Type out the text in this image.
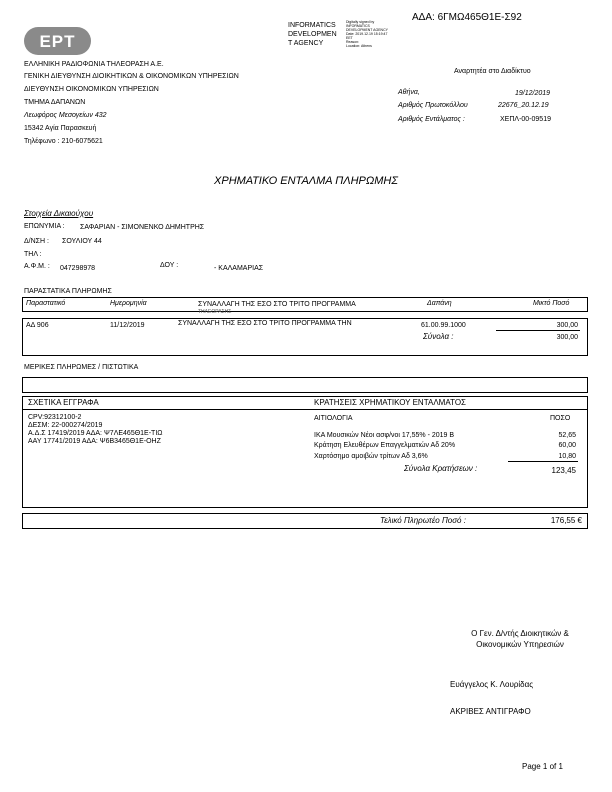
ΑΔΑ: 6ΓΜΩ465Θ1Ε-Σ92
ΕΡΤ
INFORMATICS
DEVELOPMEN
T AGENCY
Digitally signed by
INFORMATICS
DEVELOPMENT AGENCY
Date: 2019.12.19 15:19:47
EET
Reason:
Location: Athens
ΕΛΛΗΝΙΚΗ ΡΑΔΙΟΦΩΝΙΑ ΤΗΛΕΟΡΑΣΗ Α.Ε.
ΓΕΝΙΚΗ ΔΙΕΥΘΥΝΣΗ ΔΙΟΙΚΗΤΙΚΩΝ & ΟΙΚΟΝΟΜΙΚΩΝ ΥΠΗΡΕΣΙΩΝ
ΔΙΕΥΘΥΝΣΗ ΟΙΚΟΝΟΜΙΚΩΝ ΥΠΗΡΕΣΙΩΝ
ΤΜΗΜΑ ΔΑΠΑΝΩΝ
Λεωφόρος Μεσογείων 432
15342 Αγία Παρασκευή
Τηλέφωνο : 210-6075621
Αναρτητέα στο Διαδίκτυο
Αθήνα,	19/12/2019
Αριθμός Πρωτοκόλλου	22676_20.12.19
Αριθμός Εντάλματος :	ΧΕΠΛ-00-09519
ΧΡΗΜΑΤΙΚΟ ΕΝΤΑΛΜΑ ΠΛΗΡΩΜΗΣ
Στοιχεία Δικαιούχου
ΕΠΩΝΥΜΙΑ : ΣΑΦΑΡΙΑΝ - ΣΙΜΟΝΕΝΚΟ ΔΗΜΗΤΡΗΣ
Δ/ΝΣΗ : ΣΟΥΛΙΟΥ 44
ΤΗΛ :
Α.Φ.Μ. : 047298978	ΔΟΥ :	- ΚΑΛΑΜΑΡΙΑΣ
ΠΑΡΑΣΤΑΤΙΚΑ ΠΛΗΡΩΜΗΣ
Παραστατικό	Ημερομηνία	ΣΥΝΑΛΛΑΓΗ ΤΗΣ ΕΣΟ ΣΤΟ ΤΡΙΤΟ ΠΡΟΓΡΑΜΜΑ
ΤΗΛΕΟΡΑΣΗΣ
Δαπάνη	Μικτό Ποσό
ΑΔ 906	11/12/2019	ΣΥΝΑΛΛΑΓΗ ΤΗΣ ΕΣΟ ΣΤΟ ΤΡΙΤΟ ΠΡΟΓΡΑΜΜΑ ΤΗΝ	61.00.99.1000	300,00
Σύνολα :	300,00
ΜΕΡΙΚΕΣ ΠΛΗΡΩΜΕΣ / ΠΙΣΤΩΤΙΚΑ
ΣΧΕΤΙΚΑ ΕΓΓΡΑΦΑ	ΚΡΑΤΗΣΕΙΣ ΧΡΗΜΑΤΙΚΟΥ ΕΝΤΑΛΜΑΤΟΣ
CPV:92312100-2
ΔΕΣΜ: 22-000274/2019
Α.Δ.Σ 17419/2019 ΑΔΑ: Ψ7ΛΕ465Θ1Ε-ΤΙΩ
ΑΑΥ 17741/2019 ΑΔΑ: Ψ6Β3465Θ1Ε-ΟΗΖ
ΑΙΤΙΟΛΟΓΙΑ	ΠΟΣΟ
ΙΚΑ Μουσικών Νέοι ασφ/νοι 17,55% - 2019 Β	52,65
Κράτηση Ελευθέρων Επαγγελματιών Αδ 20%	60,00
Χαρτόσημο αμοιβών τρίτων Αδ 3,6%	10,80
Σύνολα Κρατήσεων :	123,45
Τελικό Πληρωτέο Ποσό :	176,55 €
Ο Γεν. Δ/ντής Διοικητικών &
Οικονομικών Υπηρεσιών
Ευάγγελος Κ. Λουρίδας
ΑΚΡΙΒΕΣ ΑΝΤΙΓΡΑΦΟ
Page 1 of 1
